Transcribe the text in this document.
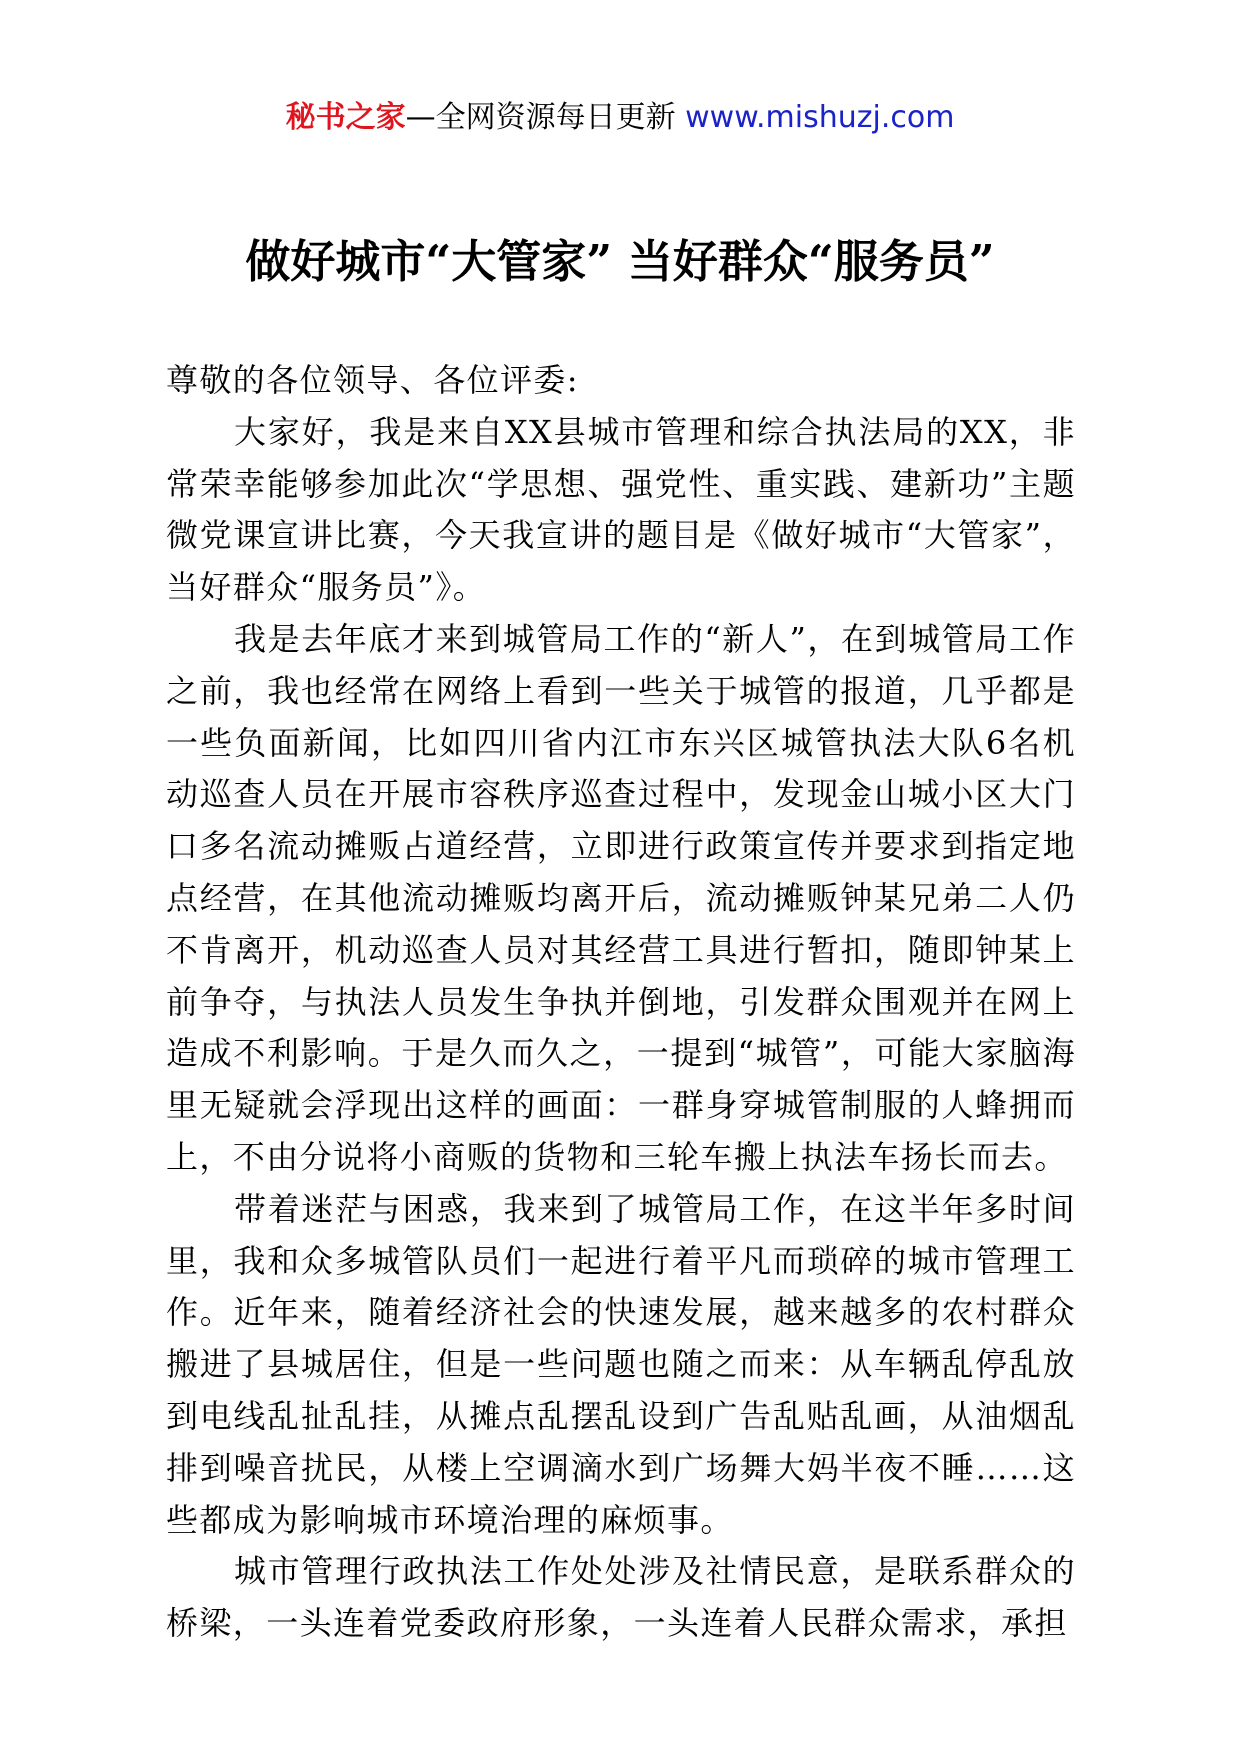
秘书之家—全网资源每日更新 www.mishuzj.com
做好城市“大管家” 当好群众“服务员”

尊敬的各位领导、各位评委:

大家好，我是来自XX县城市管理和综合执法局的XX，非常荣幸能够参加此次“学思想、强党性、重实践、建新功”主题微党课宣讲比赛，今天我宣讲的题目是《做好城市“大管家”，当好群众“服务员”》。

我是去年底才来到城管局工作的“新人”，在到城管局工作之前，我也经常在网络上看到一些关于城管的报道，几乎都是一些负面新闻，比如四川省内江市东兴区城管执法大队6名机动巡查人员在开展市容秩序巡查过程中，发现金山城小区大门口多名流动摊贩占道经营，立即进行政策宣传并要求到指定地点经营，在其他流动摊贩均离开后，流动摊贩钟某兄弟二人仍不肯离开，机动巡查人员对其经营工具进行暂扣，随即钟某上前争夺，与执法人员发生争执并倒地，引发群众围观并在网上造成不利影响。于是久而久之，一提到“城管”，可能大家脑海里无疑就会浮现出这样的画面：一群身穿城管制服的人蜂拥而上，不由分说将小商贩的货物和三轮车搬上执法车扬长而去。

带着迷茫与困惑，我来到了城管局工作，在这半年多时间里，我和众多城管队员们一起进行着平凡而琐碎的城市管理工作。近年来，随着经济社会的快速发展，越来越多的农村群众搬进了县城居住，但是一些问题也随之而来：从车辆乱停乱放到电线乱扯乱挂，从摊点乱摆乱设到广告乱贴乱画，从油烟乱排到噪音扰民，从楼上空调滴水到广场舞大妈半夜不睡……这些都成为影响城市环境治理的麻烦事。

城市管理行政执法工作处处涉及社情民意，是联系群众的桥梁，一头连着党委政府形象，一头连着人民群众需求，承担
